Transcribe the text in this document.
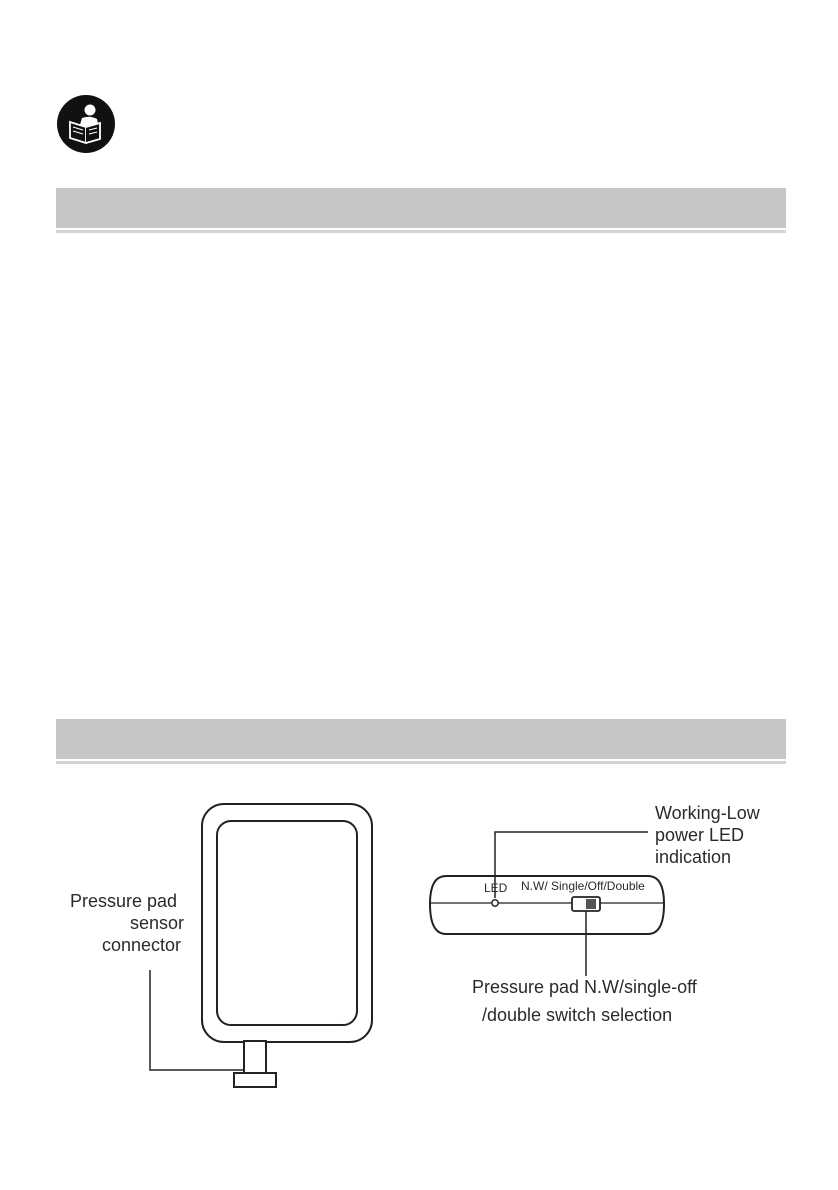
Pressure pad

sensor

connector

LED N.W/ Single/Off/Double

Working-Low

power LED

indication

Pressure pad N.W/single-off

/double switch selection
